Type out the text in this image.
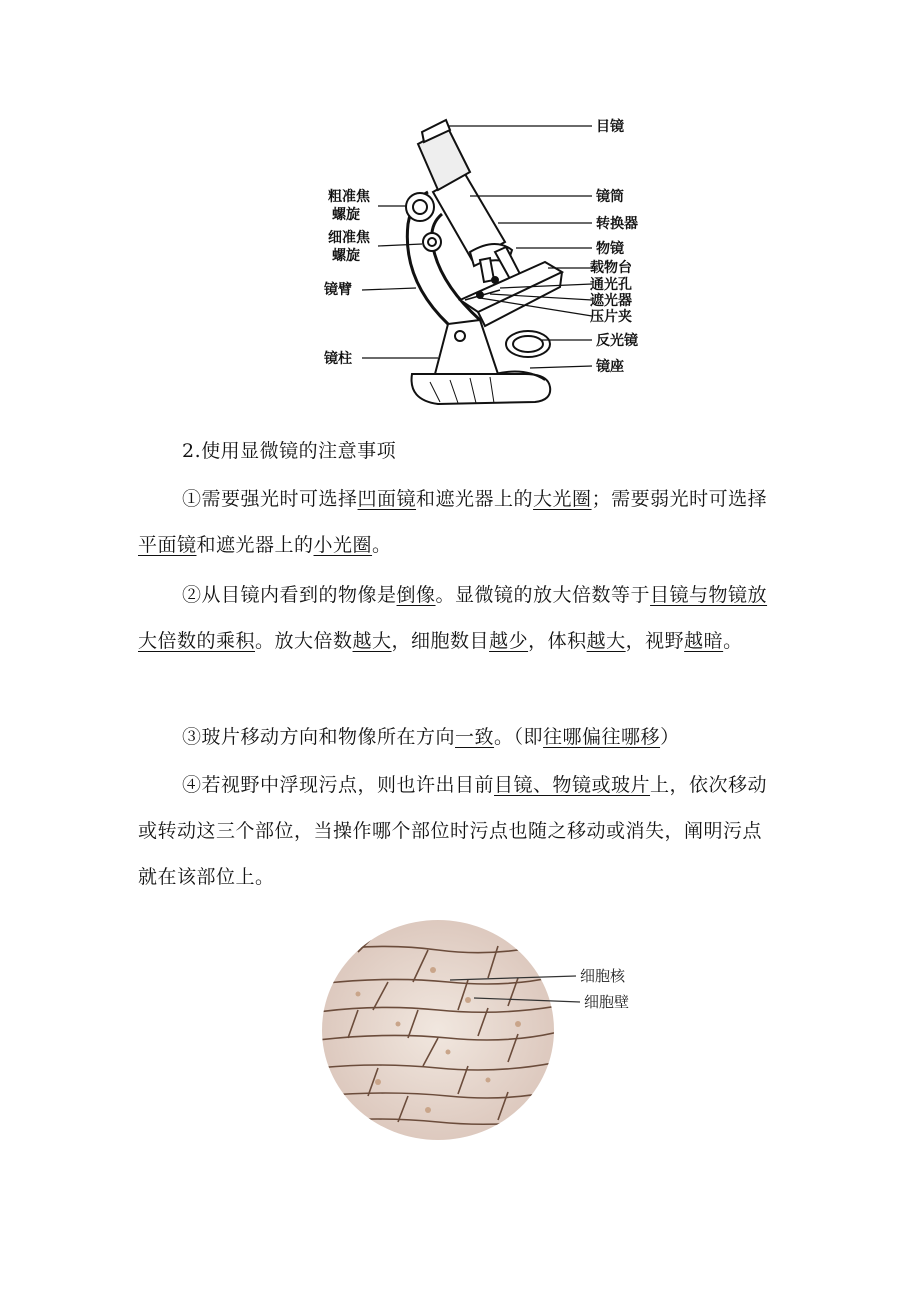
目镜
镜筒
转换器
物镜
载物台
通光孔
遮光器
压片夹
反光镜
镜座
粗准焦
螺旋
细准焦
螺旋
镜臂
镜柱
2.使用显微镜的注意事项
①需要强光时可选择凹面镜和遮光器上的大光圈；需要弱光时可选择平面镜和遮光器上的小光圈。
②从目镜内看到的物像是倒像。显微镜的放大倍数等于目镜与物镜放大倍数的乘积。放大倍数越大，细胞数目越少，体积越大，视野越暗。
③玻片移动方向和物像所在方向一致。（即往哪偏往哪移）
④若视野中浮现污点，则也许出目前目镜、物镜或玻片上，依次移动或转动这三个部位，当操作哪个部位时污点也随之移动或消失，阐明污点就在该部位上。
细胞核
细胞壁
